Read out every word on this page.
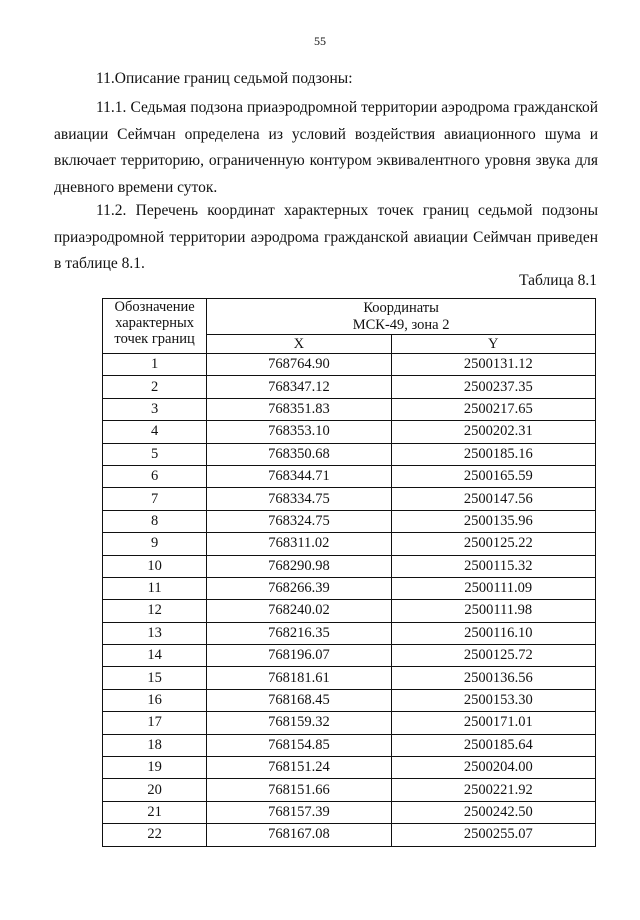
55
11.Описание границ седьмой подзоны:
11.1. Седьмая подзона приаэродромной территории аэродрома гражданской авиации Сеймчан определена из условий воздействия авиационного шума и включает территорию, ограниченную контуром эквивалентного уровня звука для дневного времени суток.
11.2. Перечень координат характерных точек границ седьмой подзоны приаэродромной территории аэродрома гражданской авиации Сеймчан приведен в таблице 8.1.
Таблица 8.1
Обозначение характерных точек границ	Координаты
МСК-49, зона 2	

	X	Y
1	768764.90	2500131.12
2	768347.12	2500237.35
3	768351.83	2500217.65
4	768353.10	2500202.31
5	768350.68	2500185.16
6	768344.71	2500165.59
7	768334.75	2500147.56
8	768324.75	2500135.96
9	768311.02	2500125.22
10	768290.98	2500115.32
11	768266.39	2500111.09
12	768240.02	2500111.98
13	768216.35	2500116.10
14	768196.07	2500125.72
15	768181.61	2500136.56
16	768168.45	2500153.30
17	768159.32	2500171.01
18	768154.85	2500185.64
19	768151.24	2500204.00
20	768151.66	2500221.92
21	768157.39	2500242.50
22	768167.08	2500255.07
